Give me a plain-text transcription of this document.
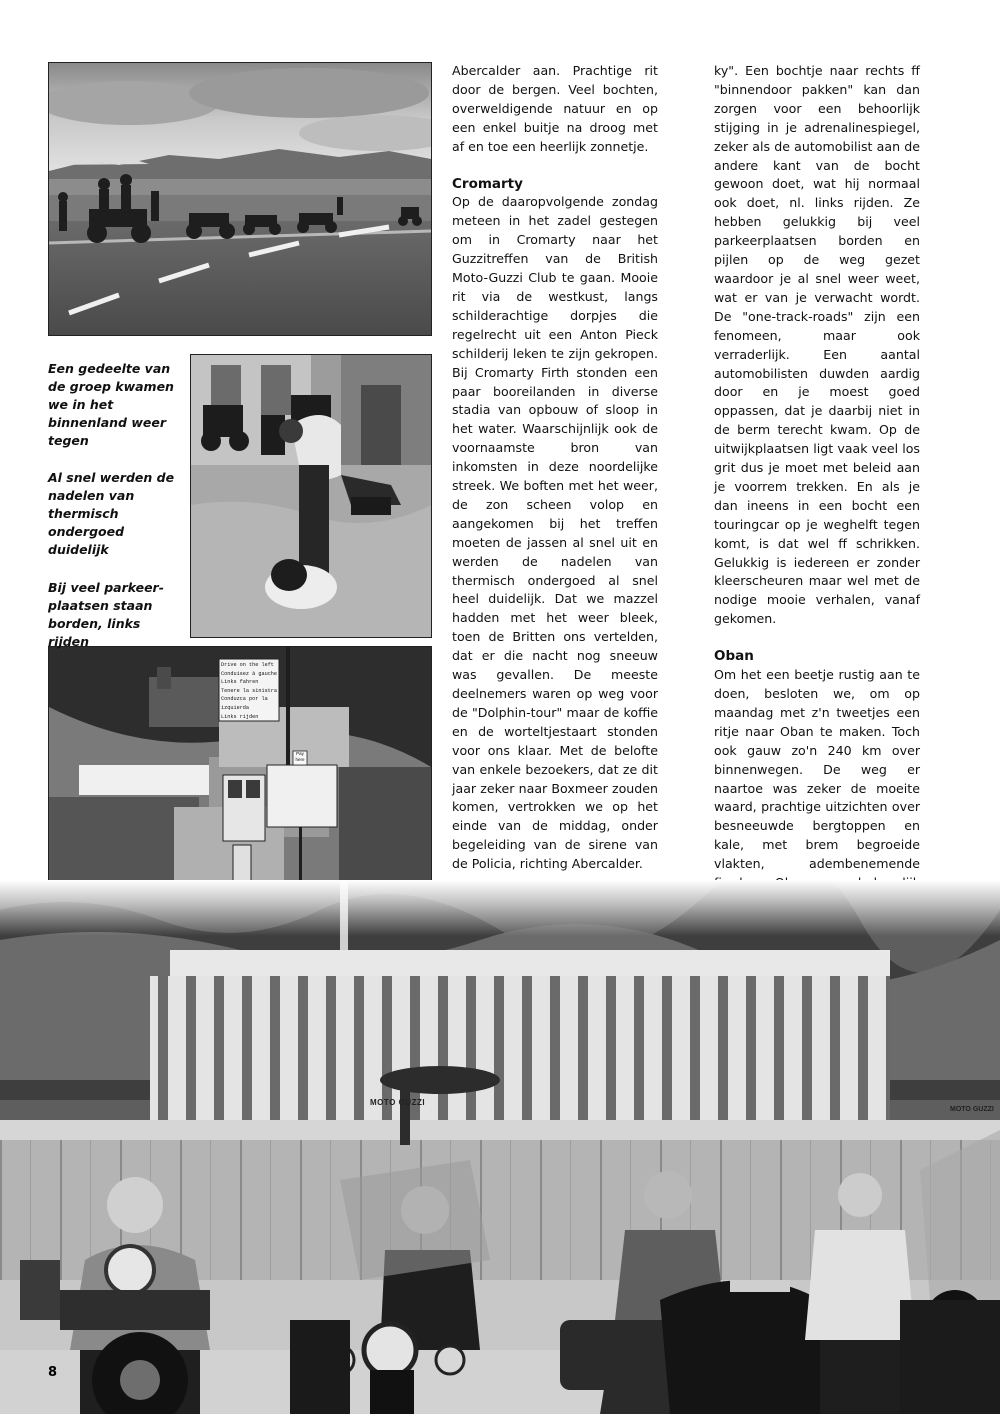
Drive on the left
Conduisez à gauche
Links fahren
Tenere la sinistra
Conduzca por la izquierda
Links rijden
Pay
here
Een gedeelte van de groep kwamen we in het binnenland weer tegen
Al snel werden de nadelen van thermisch ondergoed duidelijk
Bij veel parkeer-plaatsen staan borden, links rijden

Abercalder aan. Prachtige rit door de bergen. Veel bochten, overweldigende natuur en op een enkel buitje na droog met af en toe een heerlijk zonnetje.

Cromarty

Op de daaropvolgende zondag meteen in het zadel gestegen om in Cromarty naar het Guzzitreffen van de British Moto-Guzzi Club te gaan. Mooie rit via de westkust, langs schilderachtige dorpjes die regelrecht uit een Anton Pieck schilderij leken te zijn gekropen. Bij Cromarty Firth stonden een paar booreilanden in diverse stadia van opbouw of sloop in het water. Waarschijnlijk ook de voornaamste bron van inkomsten in deze noordelijke streek. We boften met het weer, de zon scheen volop en aangekomen bij het treffen moeten de jassen al snel uit en werden de nadelen van thermisch ondergoed al snel heel duidelijk. Dat we mazzel hadden met het weer bleek, toen de Britten ons vertelden, dat er die nacht nog sneeuw was gevallen. De meeste deelnemers waren op weg voor de "Dolphin-tour" maar de koffie en de worteltjestaart stonden voor ons klaar. Met de belofte van enkele bezoekers, dat ze dit jaar zeker naar Boxmeer zouden komen, vertrokken we op het einde van de middag, onder begeleiding van de sirene van de Policia, richting Abercalder.

ky". Een bochtje naar rechts ff "binnendoor pakken" kan dan zorgen voor een behoorlijk stijging in je adrenalinespiegel, zeker als de automobilist aan de andere kant van de bocht gewoon doet, wat hij normaal ook doet, nl. links rijden. Ze hebben gelukkig bij veel parkeerplaatsen borden en pijlen op de weg gezet waardoor je al snel weer weet, wat er van je verwacht wordt. De "one-track-roads" zijn een fenomeen, maar ook verraderlijk. Een aantal automobilisten duwden aardig door en je moest goed oppassen, dat je daarbij niet in de berm terecht kwam. Op de uitwijkplaatsen ligt vaak veel los grit dus je moet met beleid aan je voorrem trekken. En als je dan ineens in een bocht een touringcar op je weghelft tegen komt, is dat wel ff schrikken. Gelukkig is iedereen er zonder kleerscheuren maar wel met de nodige mooie verhalen, vanaf gekomen.

Oban

Om het een beetje rustig aan te doen, besloten we, om op maandag met z'n tweetjes een ritje naar Oban te maken. Toch ook gauw zo'n 240 km over binnenwegen. De weg er naartoe was zeker de moeite waard, prachtige uitzichten over besneeuwde bergtoppen en kale, met brem begroeide vlakten, adembenemende

MOTO GUZZI
MOTO GUZZI
8
